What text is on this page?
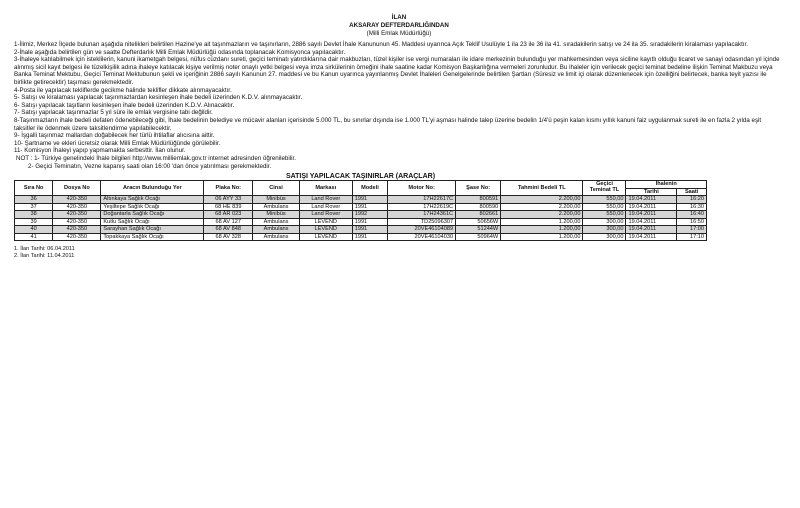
İLAN
AKSARAY DEFTERDARLIĞINDAN
(Milli Emlak Müdürlüğü)

1-İlimiz, Merkez İlçede bulunan aşağıda nitelikleri belirtilen Hazine'ye ait taşınmazların ve taşınırların, 2886 sayılı Devlet İhale Kanununun 45. Maddesi uyarınca Açık Teklif Usulüyle 1 ila 23 ile 36 ila 41. sıradakilerin satışı ve 24 ila 35. sıradakilerin kiralaması yapılacaktır.

2-İhale aşağıda belirtilen gün ve saatte Defterdarlık Milli Emlak Müdürlüğü odasında toplanacak Komisyonca yapılacaktır.

3-İhaleye katılabilmek için isteklilerin, kanuni ikametgah belgesi, nüfus cüzdanı sureti, geçici teminatı yatırdıklarına dair makbuzları, tüzel kişiler ise vergi numaraları ile idare merkezinin bulunduğu yer mahkemesinden veya siciline kayıtlı olduğu ticaret ve sanayi odasından yıl içinde alınmış sicil kayıt belgesi ile tüzelkişilik adına ihaleye katılacak kişiye verilmiş noter onaylı yetki belgesi veya imza sirkülerinin örneğini ihale saatine kadar Komisyon Başkanlığına vermeleri zorunludur. Bu ihaleler için verilecek geçici teminat bedeline ilişkin Teminat Makbuzu veya Banka Teminat Mektubu, Geçici Teminat Mektubunun şekli ve içeriğinin 2886 sayılı Kanunun 27. maddesi ve bu Kanun uyarınca yayınlanmış Devlet İhaleleri Genelgelerinde belirtilen Şartları (Süresiz ve limit içi olarak düzenlenecek için özelliğini belirtecek, banka teyit yazısı ile birlikte getirecektir) taşıması gerekmektedir.

4-Posta ile yapılacak tekliflerde gecikme halinde teklifler dikkate alınmayacaktır.

5- Satışı ve kiralaması yapılacak taşınmazlardan kesinleşen ihale bedeli üzerinden K.D.V. alınmayacaktır.

6- Satışı yapılacak taşıtların kesinleşen ihale bedeli üzerinden K.D.V. Alınacaktır.

7- Satışı yapılacak taşınmazlar 5 yıl süre ile emlak vergisine tabi değildir.

8-Taşınmazların ihale bedeli defaten ödenebileceği gibi, İhale bedelinin belediye ve mücavir alanları içerisinde 5.000 TL, bu sınırlar dışında ise 1.000 TL'yi aşması halinde talep üzerine bedelin 1/4'ü peşin kalan kısmı yıllık kanuni faiz uygulanmak sureti ile en fazla 2 yılda eşit taksitler ile ödenmek üzere taksitlendirme yapılabilecektir.

9- İşgalli taşınmaz mallardan doğabilecek her türlü ihtilaflar alıcısına aittir.

10- Şartname ve ekleri ücretsiz olarak Milli Emlak Müdürlüğünde görülebilir.

11- Komisyon İhaleyi yapıp yapmamakta serbesttir. İlan olunur.

NOT : 1- Türkiye genelindeki İhale bilgileri http://www.milliemlak.gov.tr internet adresinden öğrenilebilir.

2- Geçici Teminatın, Vezne kapanış saati olan 16:00 'dan önce yatırılması gerekmektedir.

SATIŞI YAPILACAK TAŞINIRLAR (ARAÇLAR)
Sıra No	Dosya No	Aracın Bulunduğu Yer	Plaka No:	Cinsi	Markası	Modeli	Motor No:	Şase No:	Tahmini Bedeli TL	Geçici Teminat TL	İhalenin	
											Tarihi	Saati
36	420-350	Altınkaya Sağlık Ocağı	06 AYY 33	Minibüs	Land Rover	1991	17H22617C	800591	2.200,00	550,00	19.04.2011	16:20
37	420-350	Yeşiltepe Sağlık Ocağı	68 HE 839	Ambulans	Land Rover	1991	17H22619C	800590	2.200,00	550,00	19.04.2011	16:30
38	420-350	Doğantarla Sağlık Ocağı	68 AR 023	Minibüs	Land Rover	1992	17H24361C	802661	2.200,00	550,00	19.04.2011	16:40
39	420-350	Kutlu Sağlık Ocağı	68 AV 127	Ambulans	LEVEND	1991	TD25096307	50656W	1.200,00	300,00	19.04.2011	16:50
40	420-350	Sarayhan Sağlık Ocağı	68 AV 848	Ambulans	LEVEND	1991	20VE46104089	51244W	1.200,00	300,00	19.04.2011	17:00
41	420-350	Topakkaya Sağlık Ocağı	68 AV 328	Ambulans	LEVEND	1991	20VE46104030	50964W	1.200,00	300,00	19.04.2011	17:10

1. İlan Tarihi: 06.04.2011

2. İlan Tarihi: 11.04.2011
